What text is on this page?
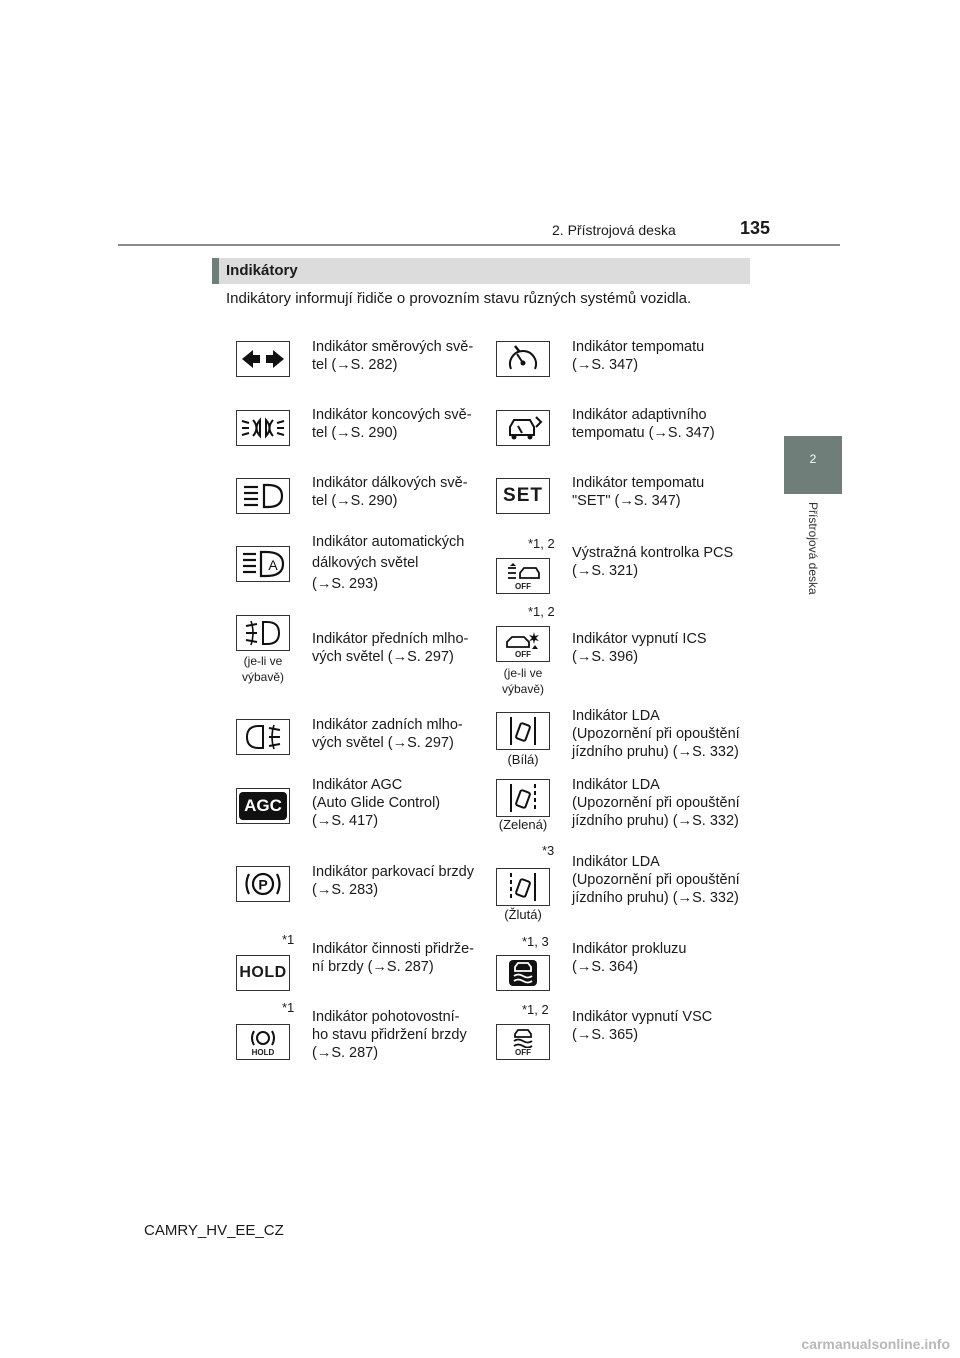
2. Přístrojová deska	135
2
Přístrojová deska
Indikátory
Indikátory informují řidiče o provozním stavu různých systémů vozidla.
Indikátor směrových svě-
tel (→S. 282)
Indikátor koncových svě-
tel (→S. 290)
Indikátor dálkových svě-
tel (→S. 290)
A
Indikátor automatických
dálkových světel
(→S. 293)
(je-li ve
výbavě)
Indikátor předních mlho-
vých světel (→S. 297)
Indikátor zadních mlho-
vých světel (→S. 297)
AGC
Indikátor AGC
(Auto Glide Control)
(→S. 417)
P
Indikátor parkovací brzdy
(→S. 283)
*1
HOLD
Indikátor činnosti přidrže-
ní brzdy (→S. 287)
*1
HOLD
Indikátor pohotovostní-
ho stavu přidržení brzdy
(→S. 287)
Indikátor tempomatu
(→S. 347)
Indikátor adaptivního
tempomatu (→S. 347)
SET
Indikátor tempomatu
"SET" (→S. 347)
*1, 2
OFF
Výstražná kontrolka PCS
(→S. 321)
*1, 2
OFF
(je-li ve
výbavě)
Indikátor vypnutí ICS
(→S. 396)
(Bílá)
Indikátor LDA
(Upozornění při opouštění
jízdního pruhu) (→S. 332)
(Zelená)
Indikátor LDA
(Upozornění při opouštění
jízdního pruhu) (→S. 332)
*3
(Žlutá)
Indikátor LDA
(Upozornění při opouštění
jízdního pruhu) (→S. 332)
*1, 3 Indikátor prokluzu
(→S. 364)
*1, 2
OFF
Indikátor vypnutí VSC
(→S. 365)
CAMRY_HV_EE_CZ
carmanualsonline.info
